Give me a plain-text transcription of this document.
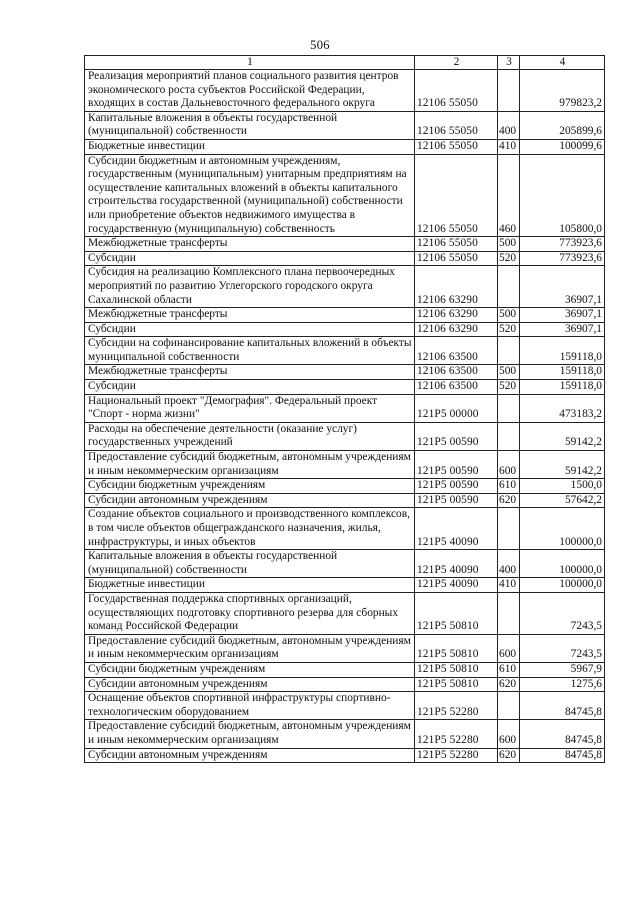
506
1	2	3	4
Реализация мероприятий планов социального развития центров экономического роста субъектов Российской Федерации, входящих в состав Дальневосточного федерального округа	12106 55050		979823,2
Капитальные вложения в объекты государственной (муниципальной) собственности	12106 55050	400	205899,6
Бюджетные инвестиции	12106 55050	410	100099,6
Субсидии бюджетным и автономным учреждениям, государственным (муниципальным) унитарным предприятиям на осуществление капитальных вложений в объекты капитального строительства государственной (муниципальной) собственности или приобретение объектов недвижимого имущества в государственную (муниципальную) собственность	12106 55050	460	105800,0
Межбюджетные трансферты	12106 55050	500	773923,6
Субсидии	12106 55050	520	773923,6
Субсидия на реализацию Комплексного плана первоочередных мероприятий по развитию Углегорского городского округа Сахалинской области	12106 63290		36907,1
Межбюджетные трансферты	12106 63290	500	36907,1
Субсидии	12106 63290	520	36907,1
Субсидии на софинансирование капитальных вложений в объекты муниципальной собственности	12106 63500		159118,0
Межбюджетные трансферты	12106 63500	500	159118,0
Субсидии	12106 63500	520	159118,0
Национальный проект "Демография". Федеральный проект "Спорт - норма жизни"	121P5 00000		473183,2
Расходы на обеспечение деятельности (оказание услуг) государственных учреждений	121P5 00590		59142,2
Предоставление субсидий бюджетным, автономным учреждениям и иным некоммерческим организациям	121P5 00590	600	59142,2
Субсидии бюджетным учреждениям	121P5 00590	610	1500,0
Субсидии автономным учреждениям	121P5 00590	620	57642,2
Создание объектов социального и производственного комплексов, в том числе объектов общегражданского назначения, жилья, инфраструктуры, и иных объектов	121P5 40090		100000,0
Капитальные вложения в объекты государственной (муниципальной) собственности	121P5 40090	400	100000,0
Бюджетные инвестиции	121P5 40090	410	100000,0
Государственная поддержка спортивных организаций, осуществляющих подготовку спортивного резерва для сборных команд Российской Федерации	121P5 50810		7243,5
Предоставление субсидий бюджетным, автономным учреждениям и иным некоммерческим организациям	121P5 50810	600	7243,5
Субсидии бюджетным учреждениям	121P5 50810	610	5967,9
Субсидии автономным учреждениям	121P5 50810	620	1275,6
Оснащение объектов спортивной инфраструктуры спортивно-технологическим оборудованием	121P5 52280		84745,8
Предоставление субсидий бюджетным, автономным учреждениям и иным некоммерческим организациям	121P5 52280	600	84745,8
Субсидии автономным учреждениям	121P5 52280	620	84745,8
